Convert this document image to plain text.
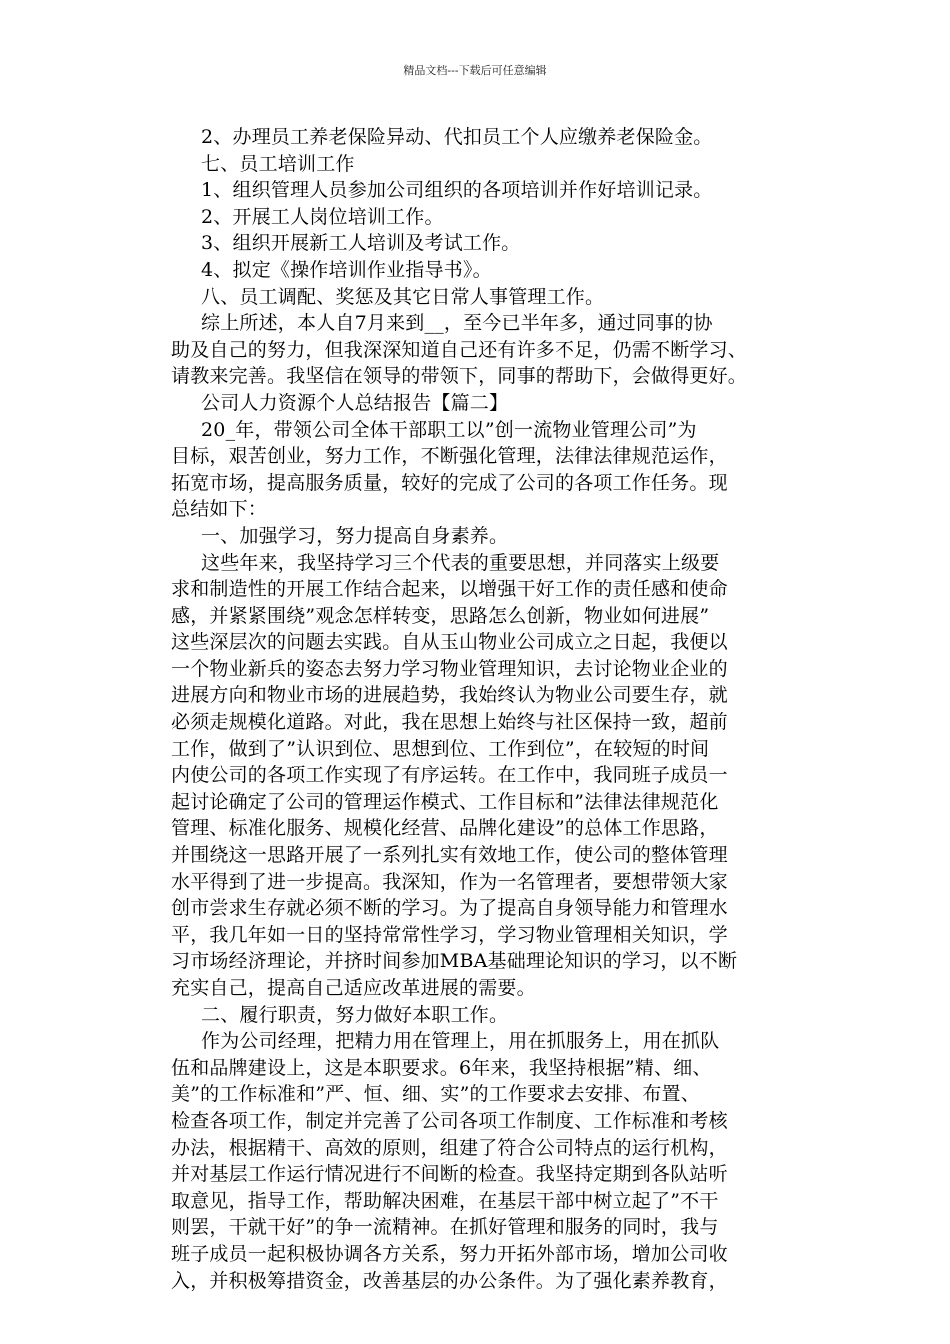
精品文档---下载后可任意编辑
2、办理员工养老保险异动、代扣员工个人应缴养老保险金。
七、员工培训工作
1、组织管理人员参加公司组织的各项培训并作好培训记录。
2、开展工人岗位培训工作。
3、组织开展新工人培训及考试工作。
4、拟定《操作培训作业指导书》。
八、员工调配、奖惩及其它日常人事管理工作。
综上所述，本人自7月来到__，至今已半年多，通过同事的协
助及自己的努力，但我深深知道自己还有许多不足，仍需不断学习、
请教来完善。我坚信在领导的带领下，同事的帮助下，会做得更好。
公司人力资源个人总结报告【篇二】
20_年，带领公司全体干部职工以”创一流物业管理公司”为
目标，艰苦创业，努力工作，不断强化管理，法律法律规范运作，
拓宽市场，提高服务质量，较好的完成了公司的各项工作任务。现
总结如下：
一、加强学习，努力提高自身素养。
这些年来，我坚持学习三个代表的重要思想，并同落实上级要
求和制造性的开展工作结合起来，以增强干好工作的责任感和使命
感，并紧紧围绕”观念怎样转变，思路怎么创新，物业如何进展”
这些深层次的问题去实践。自从玉山物业公司成立之日起，我便以
一个物业新兵的姿态去努力学习物业管理知识，去讨论物业企业的
进展方向和物业市场的进展趋势，我始终认为物业公司要生存，就
必须走规模化道路。对此，我在思想上始终与社区保持一致，超前
工作，做到了”认识到位、思想到位、工作到位”，在较短的时间
内使公司的各项工作实现了有序运转。在工作中，我同班子成员一
起讨论确定了公司的管理运作模式、工作目标和”法律法律规范化
管理、标准化服务、规模化经营、品牌化建设”的总体工作思路，
并围绕这一思路开展了一系列扎实有效地工作，使公司的整体管理
水平得到了进一步提高。我深知，作为一名管理者，要想带领大家
创市尝求生存就必须不断的学习。为了提高自身领导能力和管理水
平，我几年如一日的坚持常常性学习，学习物业管理相关知识，学
习市场经济理论，并挤时间参加MBA基础理论知识的学习，以不断
充实自己，提高自己适应改革进展的需要。
二、履行职责，努力做好本职工作。
作为公司经理，把精力用在管理上，用在抓服务上，用在抓队
伍和品牌建设上，这是本职要求。6年来，我坚持根据”精、细、
美”的工作标准和”严、恒、细、实”的工作要求去安排、布置、
检查各项工作，制定并完善了公司各项工作制度、工作标准和考核
办法，根据精干、高效的原则，组建了符合公司特点的运行机构，
并对基层工作运行情况进行不间断的检查。我坚持定期到各队站听
取意见，指导工作，帮助解决困难，在基层干部中树立起了”不干
则罢，干就干好”的争一流精神。在抓好管理和服务的同时，我与
班子成员一起积极协调各方关系，努力开拓外部市场，增加公司收
入，并积极筹措资金，改善基层的办公条件。为了强化素养教育，
